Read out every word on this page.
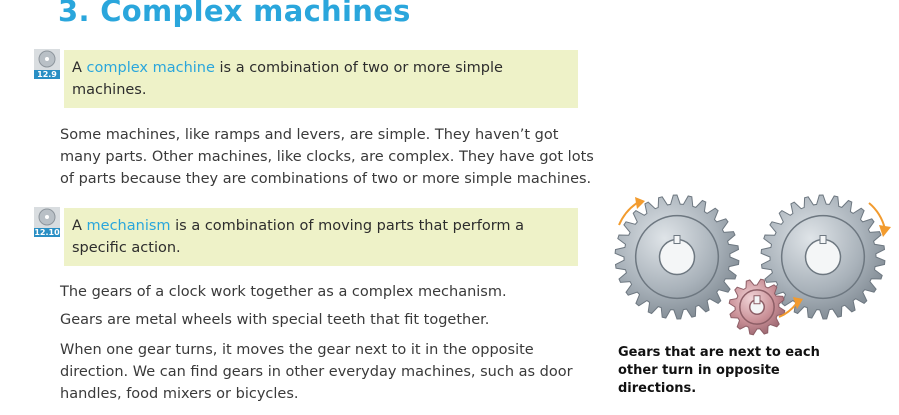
3. Complex machines
12.9 A complex machine is a combination of two or more simple
machines.
Some machines, like ramps and levers, are simple. They haven’t got
many parts. Other machines, like clocks, are complex. They have got lots
of parts because they are combinations of two or more simple machines.
12.10 A mechanism is a combination of moving parts that perform a
specific action.
The gears of a clock work together as a complex mechanism.
Gears are metal wheels with special teeth that fit together.
When one gear turns, it moves the gear next to it in the opposite
direction. We can find gears in other everyday machines, such as door
handles, food mixers or bicycles.
Gears that are next to each
other turn in opposite
directions.
